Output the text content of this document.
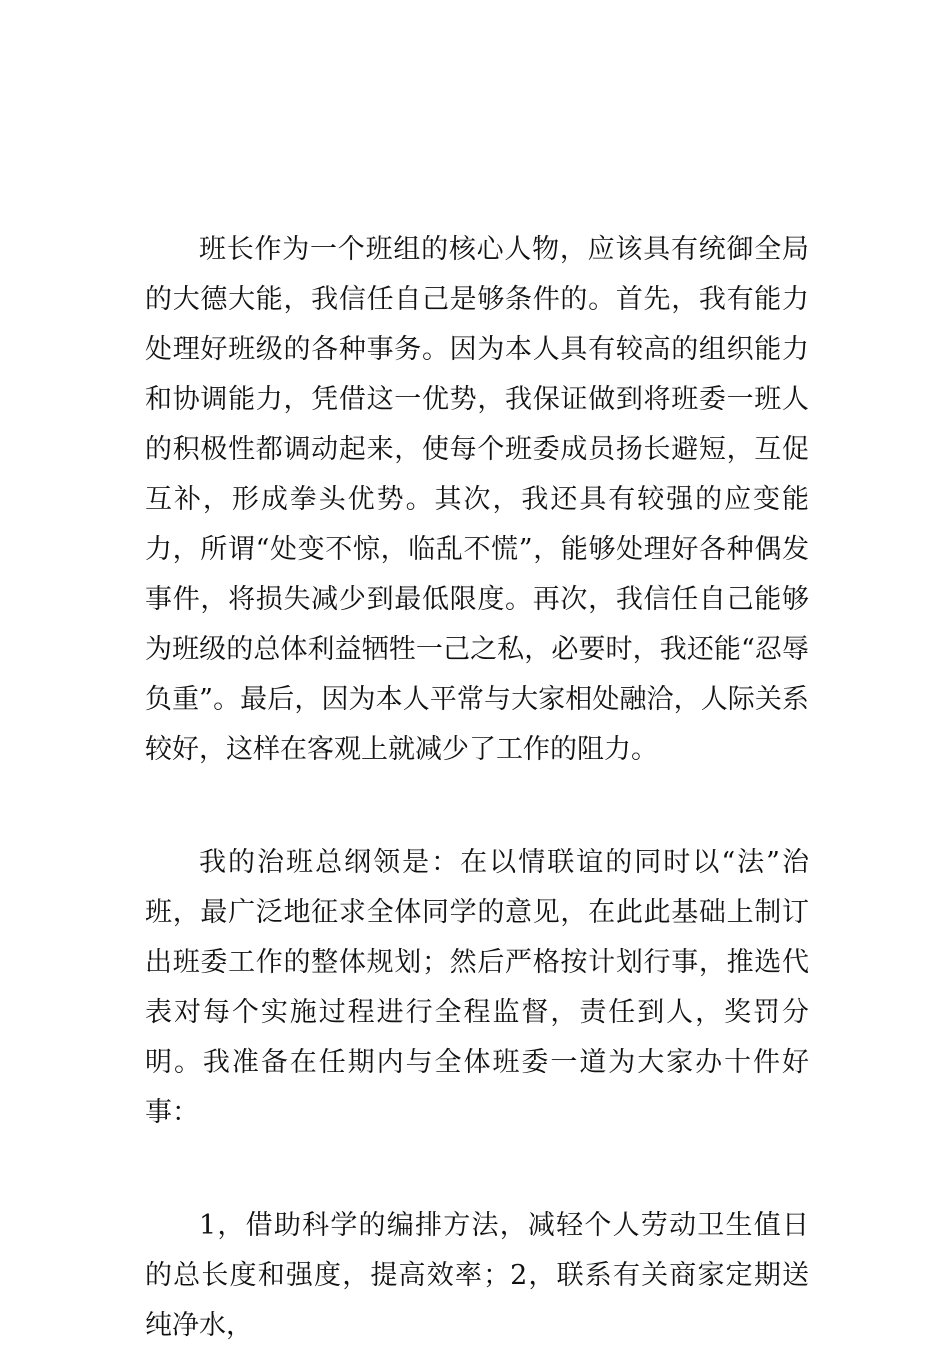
班长作为一个班组的核心人物，应该具有统御全局的大德大能，我信任自己是够条件的。首先，我有能力处理好班级的各种事务。因为本人具有较高的组织能力和协调能力，凭借这一优势，我保证做到将班委一班人的积极性都调动起来，使每个班委成员扬长避短，互促互补，形成拳头优势。其次，我还具有较强的应变能力，所谓“处变不惊，临乱不慌”，能够处理好各种偶发事件，将损失减少到最低限度。再次，我信任自己能够为班级的总体利益牺牲一己之私，必要时，我还能“忍辱负重”。最后，因为本人平常与大家相处融洽，人际关系较好，这样在客观上就减少了工作的阻力。

我的治班总纲领是：在以情联谊的同时以“法”治班，最广泛地征求全体同学的意见，在此此基础上制订出班委工作的整体规划；然后严格按计划行事，推选代表对每个实施过程进行全程监督，责任到人，奖罚分明。我准备在任期内与全体班委一道为大家办十件好事：

1，借助科学的编排方法，减轻个人劳动卫生值日的总长度和强度，提高效率；2，联系有关商家定期送纯净水，
